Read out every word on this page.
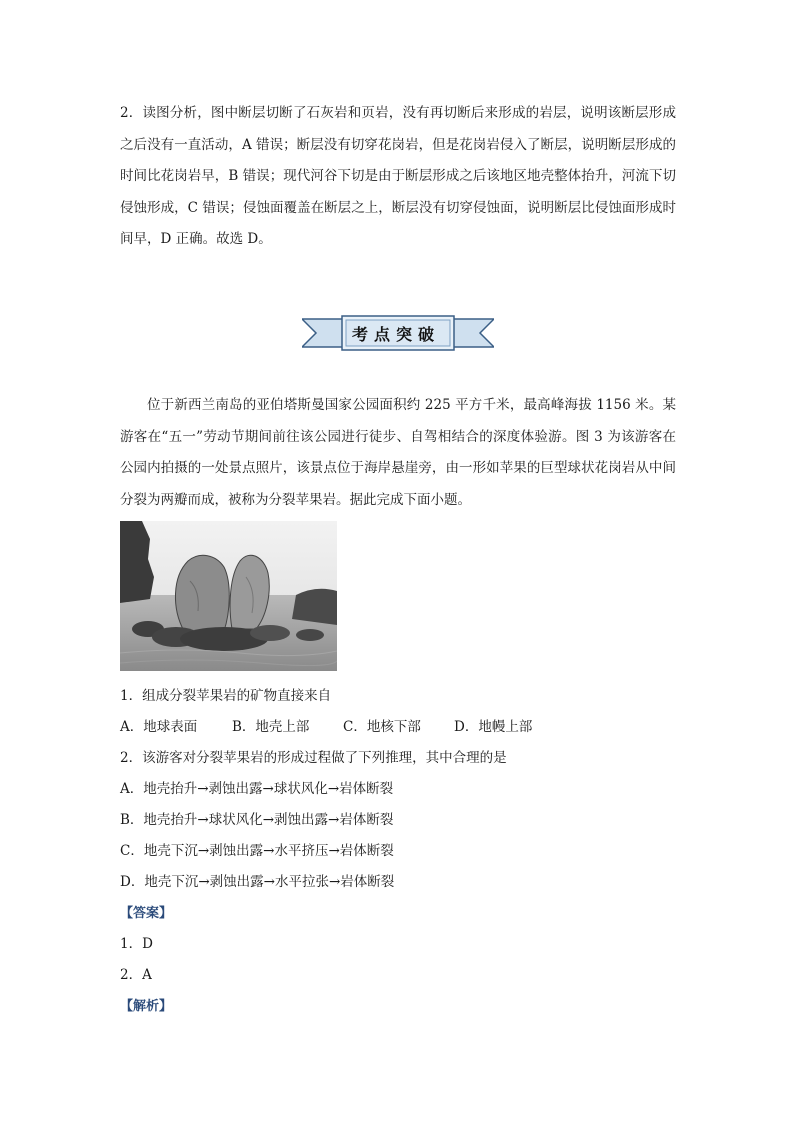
2．读图分析，图中断层切断了石灰岩和页岩，没有再切断后来形成的岩层，说明该断层形成之后没有一直活动，A 错误；断层没有切穿花岗岩，但是花岗岩侵入了断层，说明断层形成的时间比花岗岩早，B 错误；现代河谷下切是由于断层形成之后该地区地壳整体抬升，河流下切侵蚀形成，C 错误；侵蚀面覆盖在断层之上，断层没有切穿侵蚀面，说明断层比侵蚀面形成时间早，D 正确。故选 D。

考点突破

位于新西兰南岛的亚伯塔斯曼国家公园面积约 225 平方千米，最高峰海拔 1156 米。某游客在“五一”劳动节期间前往该公园进行徒步、自驾相结合的深度体验游。图 3 为该游客在公园内拍摄的一处景点照片，该景点位于海岸悬崖旁，由一形如苹果的巨型球状花岗岩从中间分裂为两瓣而成，被称为分裂苹果岩。据此完成下面小题。

1．组成分裂苹果岩的矿物直接来自

A．地球表面	B．地壳上部 C．地核下部 D．地幔上部

2．该游客对分裂苹果岩的形成过程做了下列推理，其中合理的是

A．地壳抬升→剥蚀出露→球状风化→岩体断裂

B．地壳抬升→球状风化→剥蚀出露→岩体断裂

C．地壳下沉→剥蚀出露→水平挤压→岩体断裂

D．地壳下沉→剥蚀出露→水平拉张→岩体断裂

【答案】

1．D

2．A

【解析】
